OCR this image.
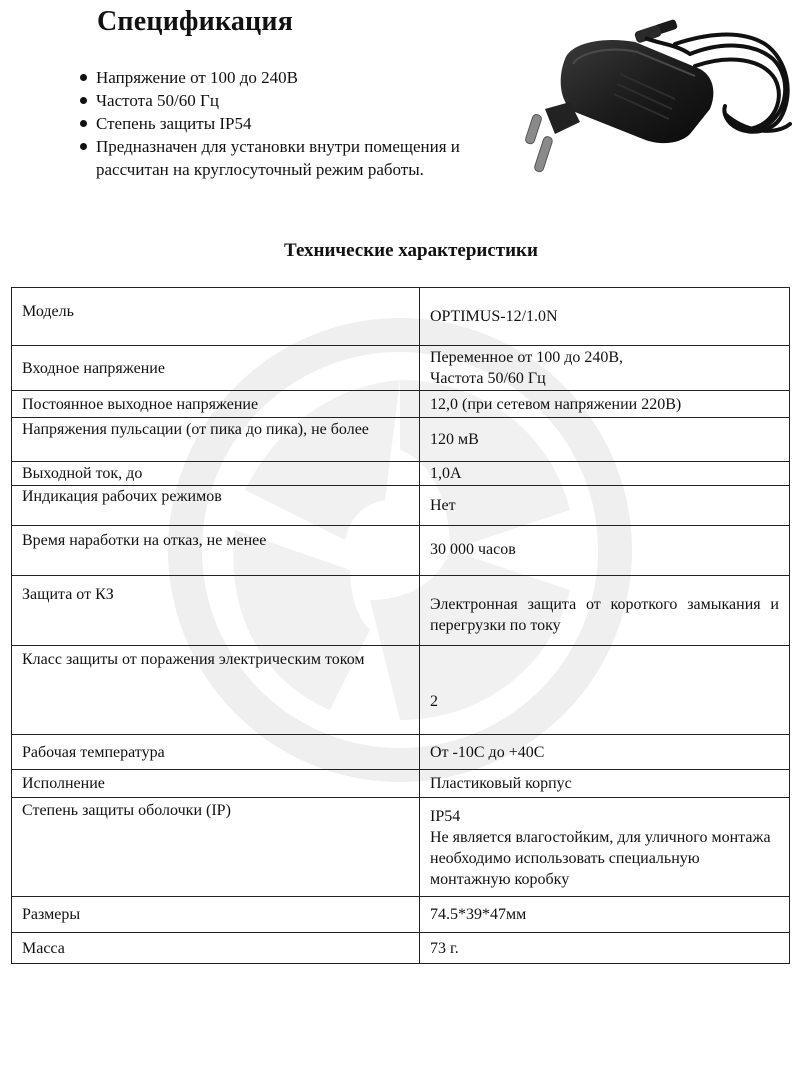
Спецификация
Напряжение от 100 до 240В
Частота 50/60 Гц
Степень защиты IP54
Предназначен для установки внутри помещения и рассчитан на круглосуточный режим работы.
Технические характеристики
Модель	OPTIMUS-12/1.0N
Входное напряжение	Переменное от 100 до 240В,
Частота 50/60 Гц
Постоянное выходное напряжение	12,0 (при сетевом напряжении 220В)
Напряжения пульсации (от пика до пика), не более	120 мВ
Выходной ток, до	1,0А
Индикация рабочих режимов	Нет
Время наработки на отказ, не менее	30 000 часов
Защита от КЗ	Электронная защита от короткого замыкания и перегрузки по току
Класс защиты от поражения электрическим током	2
Рабочая температура	От -10С до +40С
Исполнение	Пластиковый корпус
Степень защиты оболочки (IP)	IP54
Не является влагостойким, для уличного монтажа необходимо использовать специальную монтажную коробку
Размеры	74.5*39*47мм
Масса	73 г.
